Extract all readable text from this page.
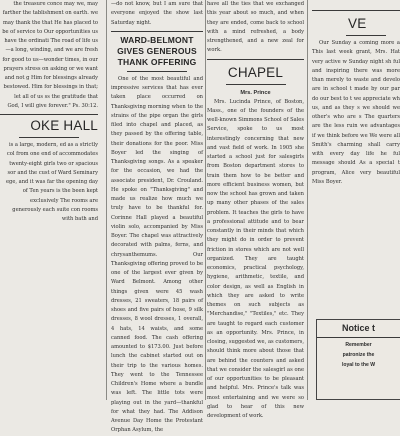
the treasure conce may we, may farther the tablishment on earth. we may thank the that He has placed to be of service to Our opportunities us have the ordinati The road of life us—a long, winding, and we are fresh for good to us—wonder times, in our prayers stress on asking or we want and not g Him for blessings already bestowed. Him for blessings in that; let all of us ss the gratitude that

God, I will give forever." Ps. 30:12.

OKE HALL

is a large, modern, ed as a strictly col from one end of accommodates twenty-eight girls two or spacious sor and the cust of Ward Seminary ege, and it was far the opening day of Ten years is the been kept exclusively The rooms are generously each suite con rooms with bath and

—do not know, but I am sure that everyone enjoyed the show last Saturday night.

WARD-BELMONT

GIVES GENEROUS

THANK OFFERING

One of the most beautiful and impressive services that has ever taken place occurred on Thanksgiving morning when to the strains of the pipe organ the girls filed into chapel and placed, as they passed by the offering table, their donations for the poor. Miss Boyer led the singing of Thanksgiving songs. As a speaker for the occasion, we had the associate president, Dr. Crouland. He spoke on "Thanksgiving" and made us realize how much we truly have to be thankful for. Corinne Hall played a beautiful violin solo, accompanied by Miss Boyer. The chapel was attractively decorated with palms, ferns, and chrysanthemums. Our Thanksgiving offering proved to be one of the largest ever given by Ward Belmont. Among other things given were 45 wash dresses, 21 sweaters, 18 pairs of shoes and five pairs of hose, 9 silk dresses, 8 wool dresses, 1 overall, 4 hats, 14 waists, and some canned food. The cash offering amounted to $173.00. Just before lunch the cabinet started out on their trip to the various homes. They went to the Tennessee Children's Home where a bundle was left. The little tots were playing out in the yard—thankful for what they had. The Addison Avenue Day Home the Protestant Orphan Asylum, the

have all the ties that we exchanged this year about so much, and when they are ended, come back to school with a mind refreshed, a body strengthened, and a new zeal for work.

CHAPEL

Mrs. Prince

Mrs. Lucinda Prince, of Boston, Mass., one of the founders of the well-known Simmons School of Sales Service, spoke to us most interestingly concerning that new and vast field of work. In 1905 she started a school just for salesgirls from Boston department stores to train them how to be better and more efficient business women, but now the school has grown and taken up many other phases of the sales problem. It teaches the girls to have a professional attitude and to bear constantly in their minds that which they might do in order to prevent friction in stores which are not well organized. They are taught economics, practical psychology, hygiene, arithmetic, textile, and color design, as well as English in which they are asked to write themes on such subjects as "Merchandise," "Textiles," etc. They are taught to regard each customer as an opportunity. Mrs. Prince, in closing, suggested we, as customers, should think more about those that are behind the counters and asked that we consider the salesgirl as one of our opportunities to be pleasant and helpful. Mrs. Prince's talk was most entertaining and we were so glad to hear of this new development of work.

VE

Our Sunday a coming more a This last week grant, Mrs. Hat very active w Sunday night sh ful and inspiring there was more than merely to waste and develo are in school t made by our par do our best to t we appreciate wh us, and as they s we should we other's who are s The quarters are the less ruin we advantages if we think before we We were all Smith's charming shall carry with every day life he ful message should As a special t program, Alice very beautiful Miss Boyer.

Notice t

Remember

patronize the

loyal to the W
